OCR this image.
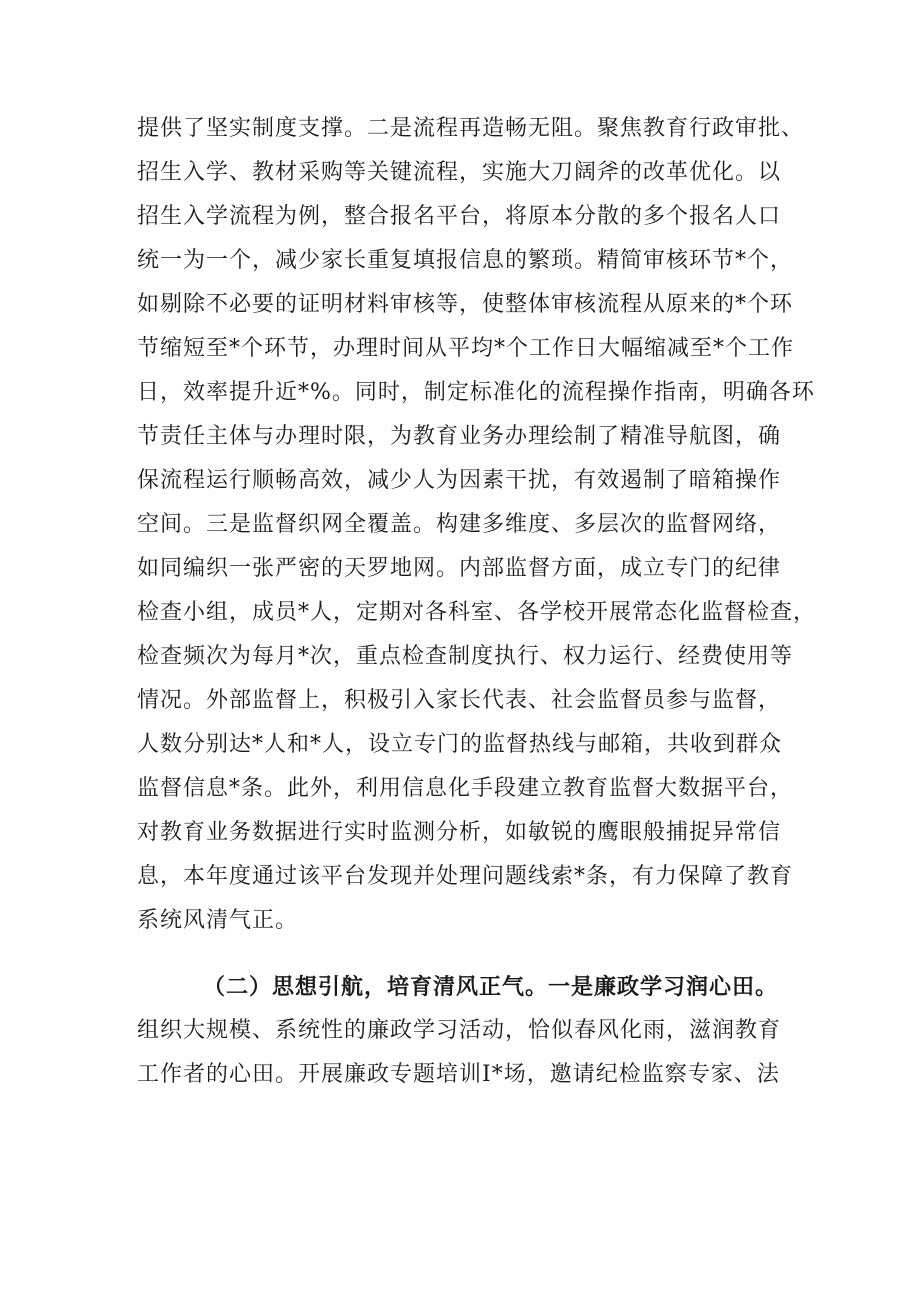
提供了坚实制度支撑。二是流程再造畅无阻。聚焦教育行政审批、
招生入学、教材采购等关键流程，实施大刀阔斧的改革优化。以
招生入学流程为例，整合报名平台，将原本分散的多个报名人口
统一为一个，减少家长重复填报信息的繁琐。精简审核环节*个，
如剔除不必要的证明材料审核等，使整体审核流程从原来的*个环
节缩短至*个环节，办理时间从平均*个工作日大幅缩减至*个工作
日，效率提升近*%。同时，制定标准化的流程操作指南，明确各环
节责任主体与办理时限，为教育业务办理绘制了精准导航图，确
保流程运行顺畅高效，减少人为因素干扰，有效遏制了暗箱操作
空间。三是监督织网全覆盖。构建多维度、多层次的监督网络，
如同编织一张严密的天罗地网。内部监督方面，成立专门的纪律
检查小组，成员*人，定期对各科室、各学校开展常态化监督检查，
检查频次为每月*次，重点检查制度执行、权力运行、经费使用等
情况。外部监督上，积极引入家长代表、社会监督员参与监督，
人数分别达*人和*人，设立专门的监督热线与邮箱，共收到群众
监督信息*条。此外，利用信息化手段建立教育监督大数据平台，
对教育业务数据进行实时监测分析，如敏锐的鹰眼般捕捉异常信
息，本年度通过该平台发现并处理问题线索*条，有力保障了教育
系统风清气正。
（二）思想引航，培育清风正气。一是廉政学习润心田。
组织大规模、系统性的廉政学习活动，恰似春风化雨，滋润教育
工作者的心田。开展廉政专题培训I*场，邀请纪检监察专家、法
